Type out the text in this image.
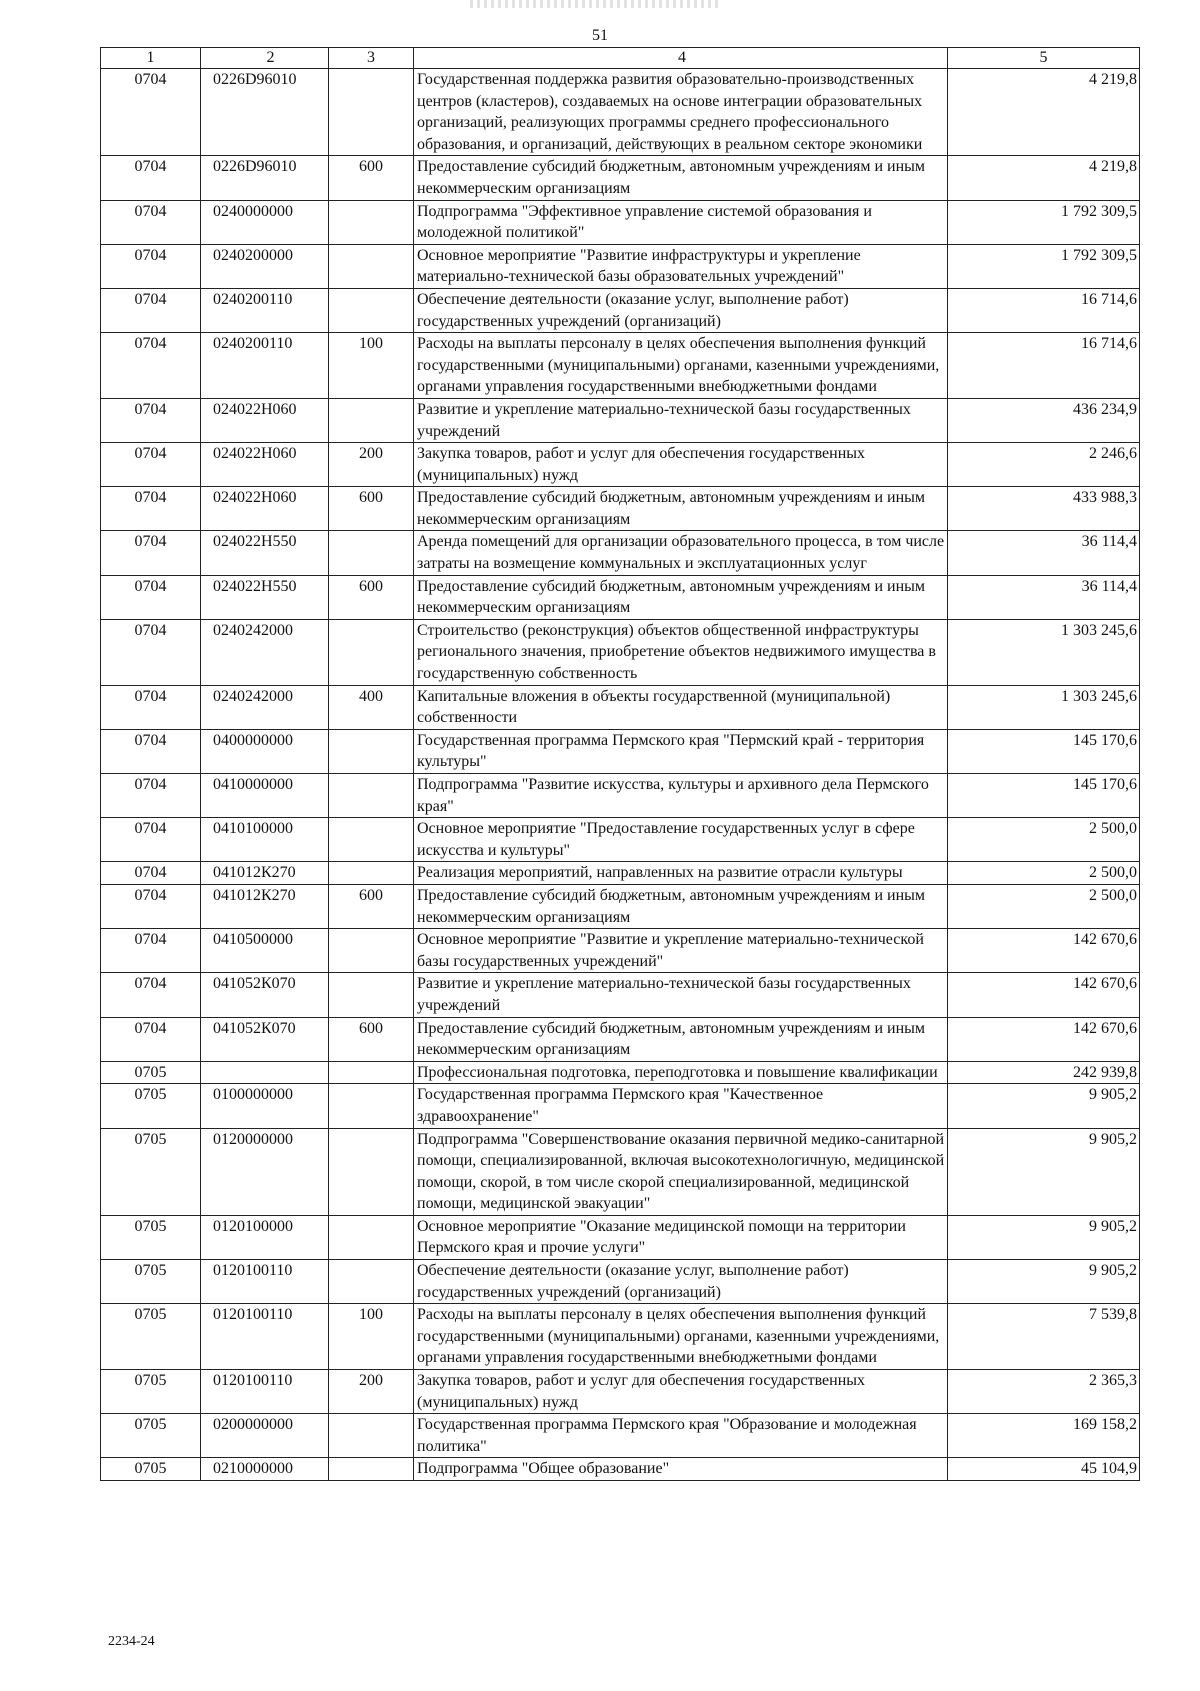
51
1	2	3	4	5
0704	0226D96010		Государственная поддержка развития образовательно-производственных центров (кластеров), создаваемых на основе интеграции образовательных организаций, реализующих программы среднего профессионального образования, и организаций, действующих в реальном секторе экономики	4 219,8
0704	0226D96010	600	Предоставление субсидий бюджетным, автономным учреждениям и иным некоммерческим организациям	4 219,8
0704	0240000000		Подпрограмма "Эффективное управление системой образования и молодежной политикой"	1 792 309,5
0704	0240200000		Основное мероприятие "Развитие инфраструктуры и укрепление материально-технической базы образовательных учреждений"	1 792 309,5
0704	0240200110		Обеспечение деятельности (оказание услуг, выполнение работ) государственных учреждений (организаций)	16 714,6
0704	0240200110	100	Расходы на выплаты персоналу в целях обеспечения выполнения функций государственными (муниципальными) органами, казенными учреждениями, органами управления государственными внебюджетными фондами	16 714,6
0704	024022Н060		Развитие и укрепление материально-технической базы государственных учреждений	436 234,9
0704	024022Н060	200	Закупка товаров, работ и услуг для обеспечения государственных (муниципальных) нужд	2 246,6
0704	024022Н060	600	Предоставление субсидий бюджетным, автономным учреждениям и иным некоммерческим организациям	433 988,3
0704	024022Н550		Аренда помещений для организации образовательного процесса, в том числе затраты на возмещение коммунальных и эксплуатационных услуг	36 114,4
0704	024022Н550	600	Предоставление субсидий бюджетным, автономным учреждениям и иным некоммерческим организациям	36 114,4
0704	0240242000		Строительство (реконструкция) объектов общественной инфраструктуры регионального значения, приобретение объектов недвижимого имущества в государственную собственность	1 303 245,6
0704	0240242000	400	Капитальные вложения в объекты государственной (муниципальной) собственности	1 303 245,6
0704	0400000000		Государственная программа Пермского края "Пермский край - территория культуры"	145 170,6
0704	0410000000		Подпрограмма "Развитие искусства, культуры и архивного дела Пермского края"	145 170,6
0704	0410100000		Основное мероприятие "Предоставление государственных услуг в сфере искусства и культуры"	2 500,0
0704	041012К270		Реализация мероприятий, направленных на развитие отрасли культуры	2 500,0
0704	041012К270	600	Предоставление субсидий бюджетным, автономным учреждениям и иным некоммерческим организациям	2 500,0
0704	0410500000		Основное мероприятие "Развитие и укрепление материально-технической базы государственных учреждений"	142 670,6
0704	041052К070		Развитие и укрепление материально-технической базы государственных учреждений	142 670,6
0704	041052К070	600	Предоставление субсидий бюджетным, автономным учреждениям и иным некоммерческим организациям	142 670,6
0705			Профессиональная подготовка, переподготовка и повышение квалификации	242 939,8
0705	0100000000		Государственная программа Пермского края "Качественное здравоохранение"	9 905,2
0705	0120000000		Подпрограмма "Совершенствование оказания первичной медико-санитарной помощи, специализированной, включая высокотехнологичную, медицинской помощи, скорой, в том числе скорой специализированной, медицинской помощи, медицинской эвакуации"	9 905,2
0705	0120100000		Основное мероприятие "Оказание медицинской помощи на территории Пермского края и прочие услуги"	9 905,2
0705	0120100110		Обеспечение деятельности (оказание услуг, выполнение работ) государственных учреждений (организаций)	9 905,2
0705	0120100110	100	Расходы на выплаты персоналу в целях обеспечения выполнения функций государственными (муниципальными) органами, казенными учреждениями, органами управления государственными внебюджетными фондами	7 539,8
0705	0120100110	200	Закупка товаров, работ и услуг для обеспечения государственных (муниципальных) нужд	2 365,3
0705	0200000000		Государственная программа Пермского края "Образование и молодежная политика"	169 158,2
0705	0210000000		Подпрограмма "Общее образование"	45 104,9
2234-24
